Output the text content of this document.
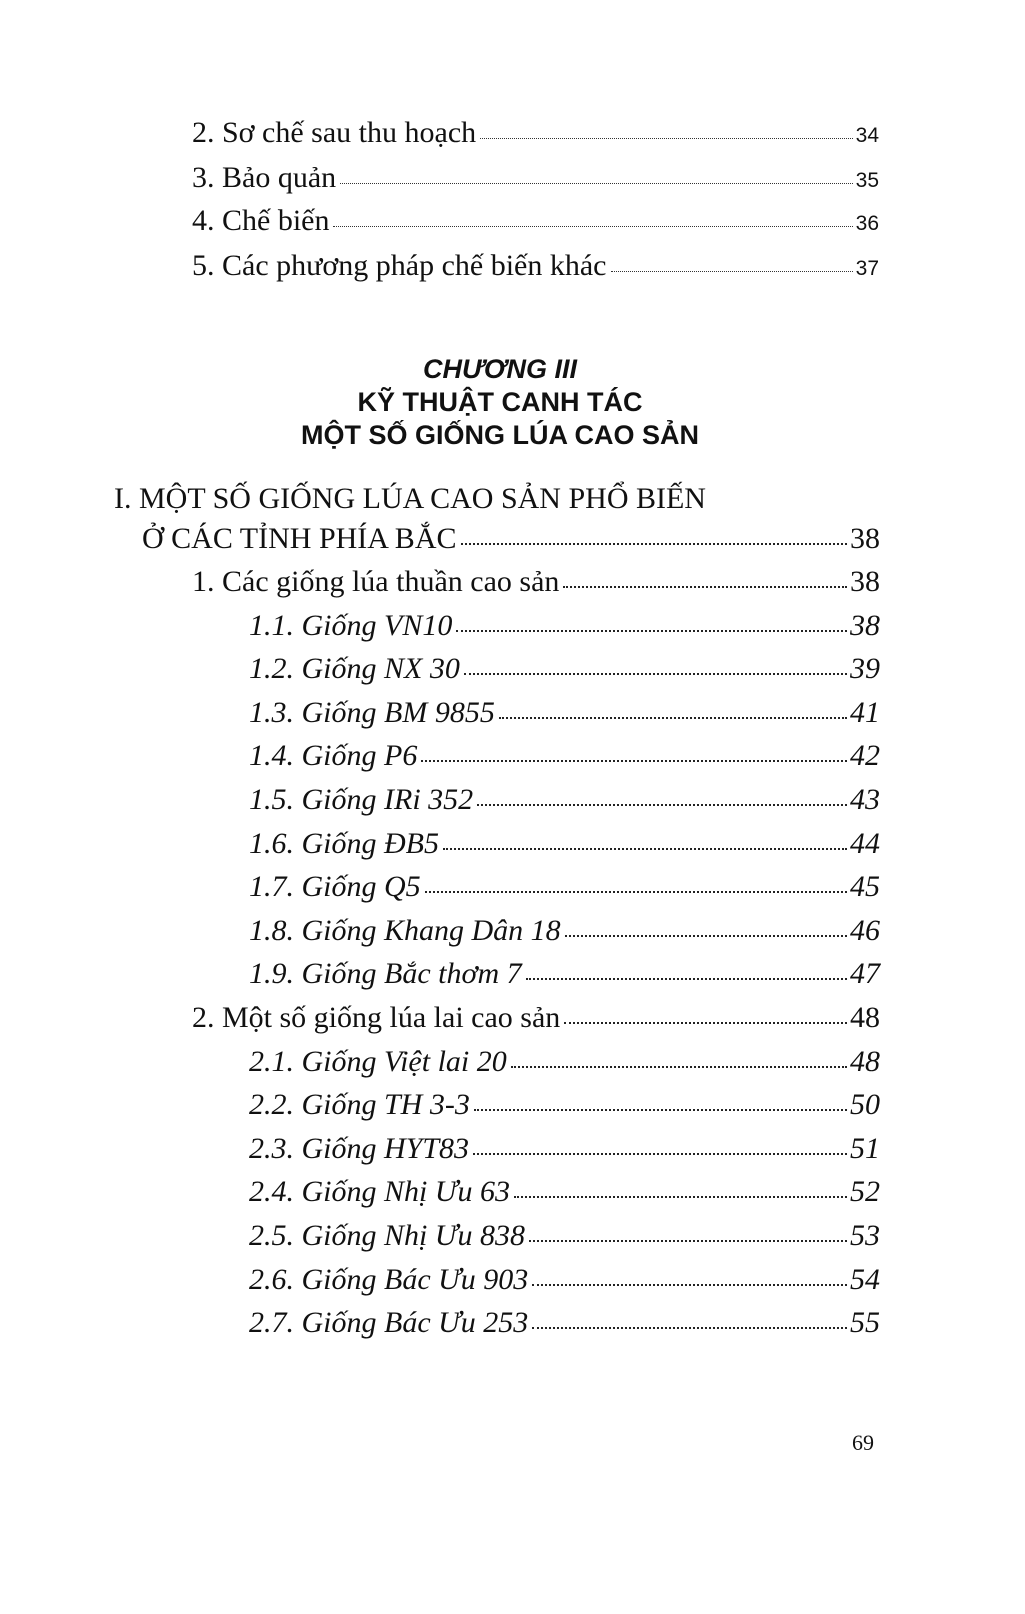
2. Sơ chế sau thu hoạch	34
3. Bảo quản	35
4. Chế biến	36
5. Các phương pháp chế biến khác	37
CHƯƠNG III
KỸ THUẬT CANH TÁC
MỘT SỐ GIỐNG LÚA CAO SẢN
I. MỘT SỐ GIỐNG LÚA CAO SẢN PHỔ BIẾN
Ở CÁC TỈNH PHÍA BẮC	38
1. Các giống lúa thuần cao sản	38
1.1. Giống VN10	38
1.2. Giống NX 30	39
1.3. Giống BM 9855	41
1.4. Giống P6	42
1.5. Giống IRi 352	43
1.6. Giống ĐB5	44
1.7. Giống Q5	45
1.8. Giống Khang Dân 18	46
1.9. Giống Bắc thơm 7	47
2. Một số giống lúa lai cao sản	48
2.1. Giống Việt lai 20	48
2.2. Giống TH 3-3	50
2.3. Giống HYT83	51
2.4. Giống Nhị Ưu 63	52
2.5. Giống Nhị Ưu 838	53
2.6. Giống Bác Ưu 903	54
2.7. Giống Bác Ưu 253	55
69
